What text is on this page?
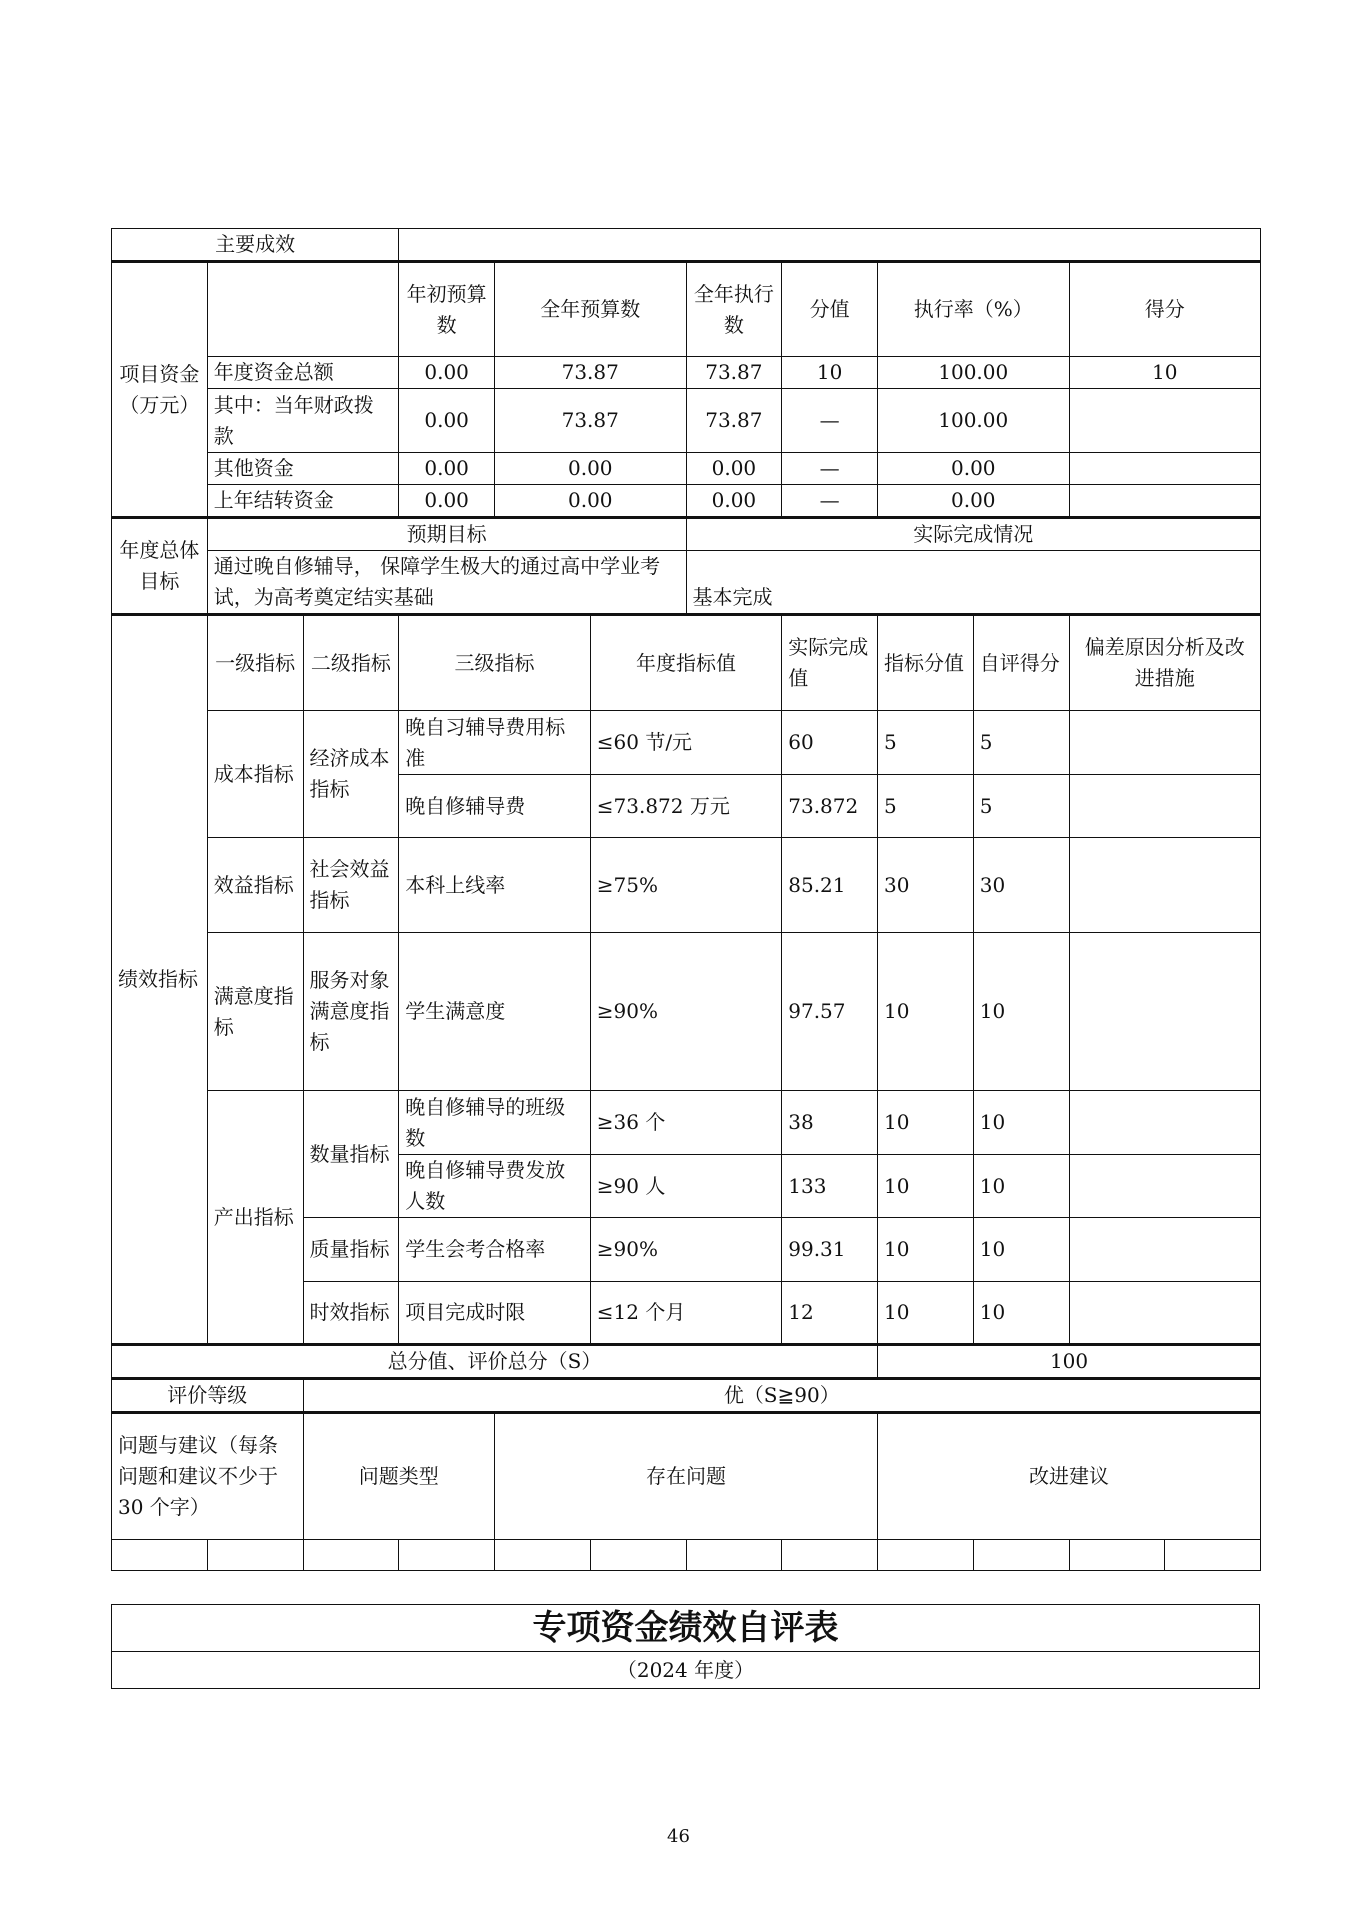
主要成效											
项目资金（万元）			年初预算数	全年预算数		全年执行数	分值	执行率（%）		得分	
	年度资金总额		0.00	73.87		73.87	10	100.00		10	
	其中：当年财政拨款		0.00	73.87		73.87	—	100.00			
	其他资金		0.00	0.00		0.00	—	0.00			
	上年结转资金		0.00	0.00		0.00	—	0.00			
年度总体目标	预期目标					实际完成情况					
	通过晚自修辅导， 保障学生极大的通过高中学业考试，为高考奠定结实基础					基本完成					
绩效指标	一级指标	二级指标	三级指标		年度指标值		实际完成值	指标分值	自评得分	偏差原因分析及改进措施	
	成本指标	经济成本指标	晚自习辅导费用标准		≤60 节/元		60	5	5		
			晚自修辅导费		≤73.872 万元		73.872	5	5		
	效益指标	社会效益指标	本科上线率		≥75%		85.21	30	30		
	满意度指标	服务对象满意度指标	学生满意度		≥90%		97.57	10	10		
	产出指标	数量指标	晚自修辅导的班级数		≥36 个		38	10	10		
			晚自修辅导费发放人数		≥90 人		133	10	10		
		质量指标	学生会考合格率		≥90%		99.31	10	10		
		时效指标	项目完成时限		≤12 个月		12	10	10		
总分值、评价总分（S）								100			
评价等级		优（S≧90）									
问题与建议（每条问题和建议不少于 30 个字）		问题类型		存在问题				改进建议			

专项资金绩效自评表
（2024 年度）
46
